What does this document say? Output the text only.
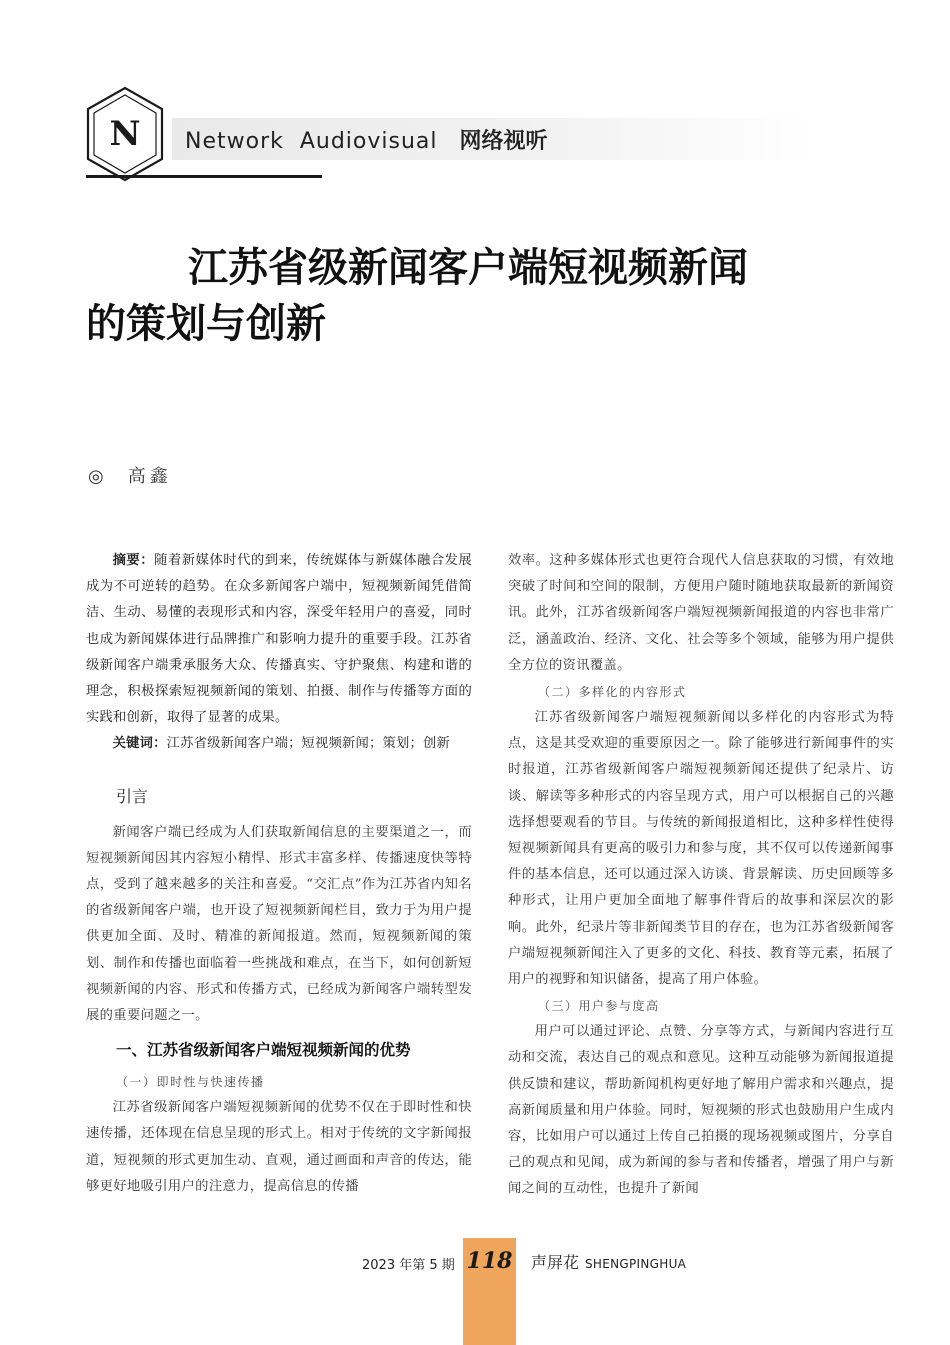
N	Network  Audiovisual 网络视听
江苏省级新闻客户端短视频新闻
的策划与创新
◎ 高鑫

摘要：随着新媒体时代的到来，传统媒体与新媒体融合发展成为不可逆转的趋势。在众多新闻客户端中，短视频新闻凭借简洁、生动、易懂的表现形式和内容，深受年轻用户的喜爱，同时也成为新闻媒体进行品牌推广和影响力提升的重要手段。江苏省级新闻客户端秉承服务大众、传播真实、守护聚焦、构建和谐的理念，积极探索短视频新闻的策划、拍摄、制作与传播等方面的实践和创新，取得了显著的成果。

关键词：江苏省级新闻客户端；短视频新闻；策划；创新

引言

新闻客户端已经成为人们获取新闻信息的主要渠道之一，而短视频新闻因其内容短小精悍、形式丰富多样、传播速度快等特点，受到了越来越多的关注和喜爱。“交汇点”作为江苏省内知名的省级新闻客户端，也开设了短视频新闻栏目，致力于为用户提供更加全面、及时、精准的新闻报道。然而，短视频新闻的策划、制作和传播也面临着一些挑战和难点，在当下，如何创新短视频新闻的内容、形式和传播方式，已经成为新闻客户端转型发展的重要问题之一。

一、江苏省级新闻客户端短视频新闻的优势
（一）即时性与快速传播

江苏省级新闻客户端短视频新闻的优势不仅在于即时性和快速传播，还体现在信息呈现的形式上。相对于传统的文字新闻报道，短视频的形式更加生动、直观，通过画面和声音的传达，能够更好地吸引用户的注意力，提高信息的传播

效率。这种多媒体形式也更符合现代人信息获取的习惯，有效地突破了时间和空间的限制，方便用户随时随地获取最新的新闻资讯。此外，江苏省级新闻客户端短视频新闻报道的内容也非常广泛，涵盖政治、经济、文化、社会等多个领域，能够为用户提供全方位的资讯覆盖。

（二）多样化的内容形式

江苏省级新闻客户端短视频新闻以多样化的内容形式为特点，这是其受欢迎的重要原因之一。除了能够进行新闻事件的实时报道，江苏省级新闻客户端短视频新闻还提供了纪录片、访谈、解读等多种形式的内容呈现方式，用户可以根据自己的兴趣选择想要观看的节目。与传统的新闻报道相比，这种多样性使得短视频新闻具有更高的吸引力和参与度，其不仅可以传递新闻事件的基本信息，还可以通过深入访谈、背景解读、历史回顾等多种形式，让用户更加全面地了解事件背后的故事和深层次的影响。此外，纪录片等非新闻类节目的存在，也为江苏省级新闻客户端短视频新闻注入了更多的文化、科技、教育等元素，拓展了用户的视野和知识储备，提高了用户体验。

（三）用户参与度高

用户可以通过评论、点赞、分享等方式，与新闻内容进行互动和交流，表达自己的观点和意见。这种互动能够为新闻报道提供反馈和建议，帮助新闻机构更好地了解用户需求和兴趣点，提高新闻质量和用户体验。同时，短视频的形式也鼓励用户生成内容，比如用户可以通过上传自己拍摄的现场视频或图片，分享自己的观点和见闻，成为新闻的参与者和传播者，增强了用户与新闻之间的互动性，也提升了新闻

2023 年第 5 期 118 声屏花 SHENGPINGHUA
